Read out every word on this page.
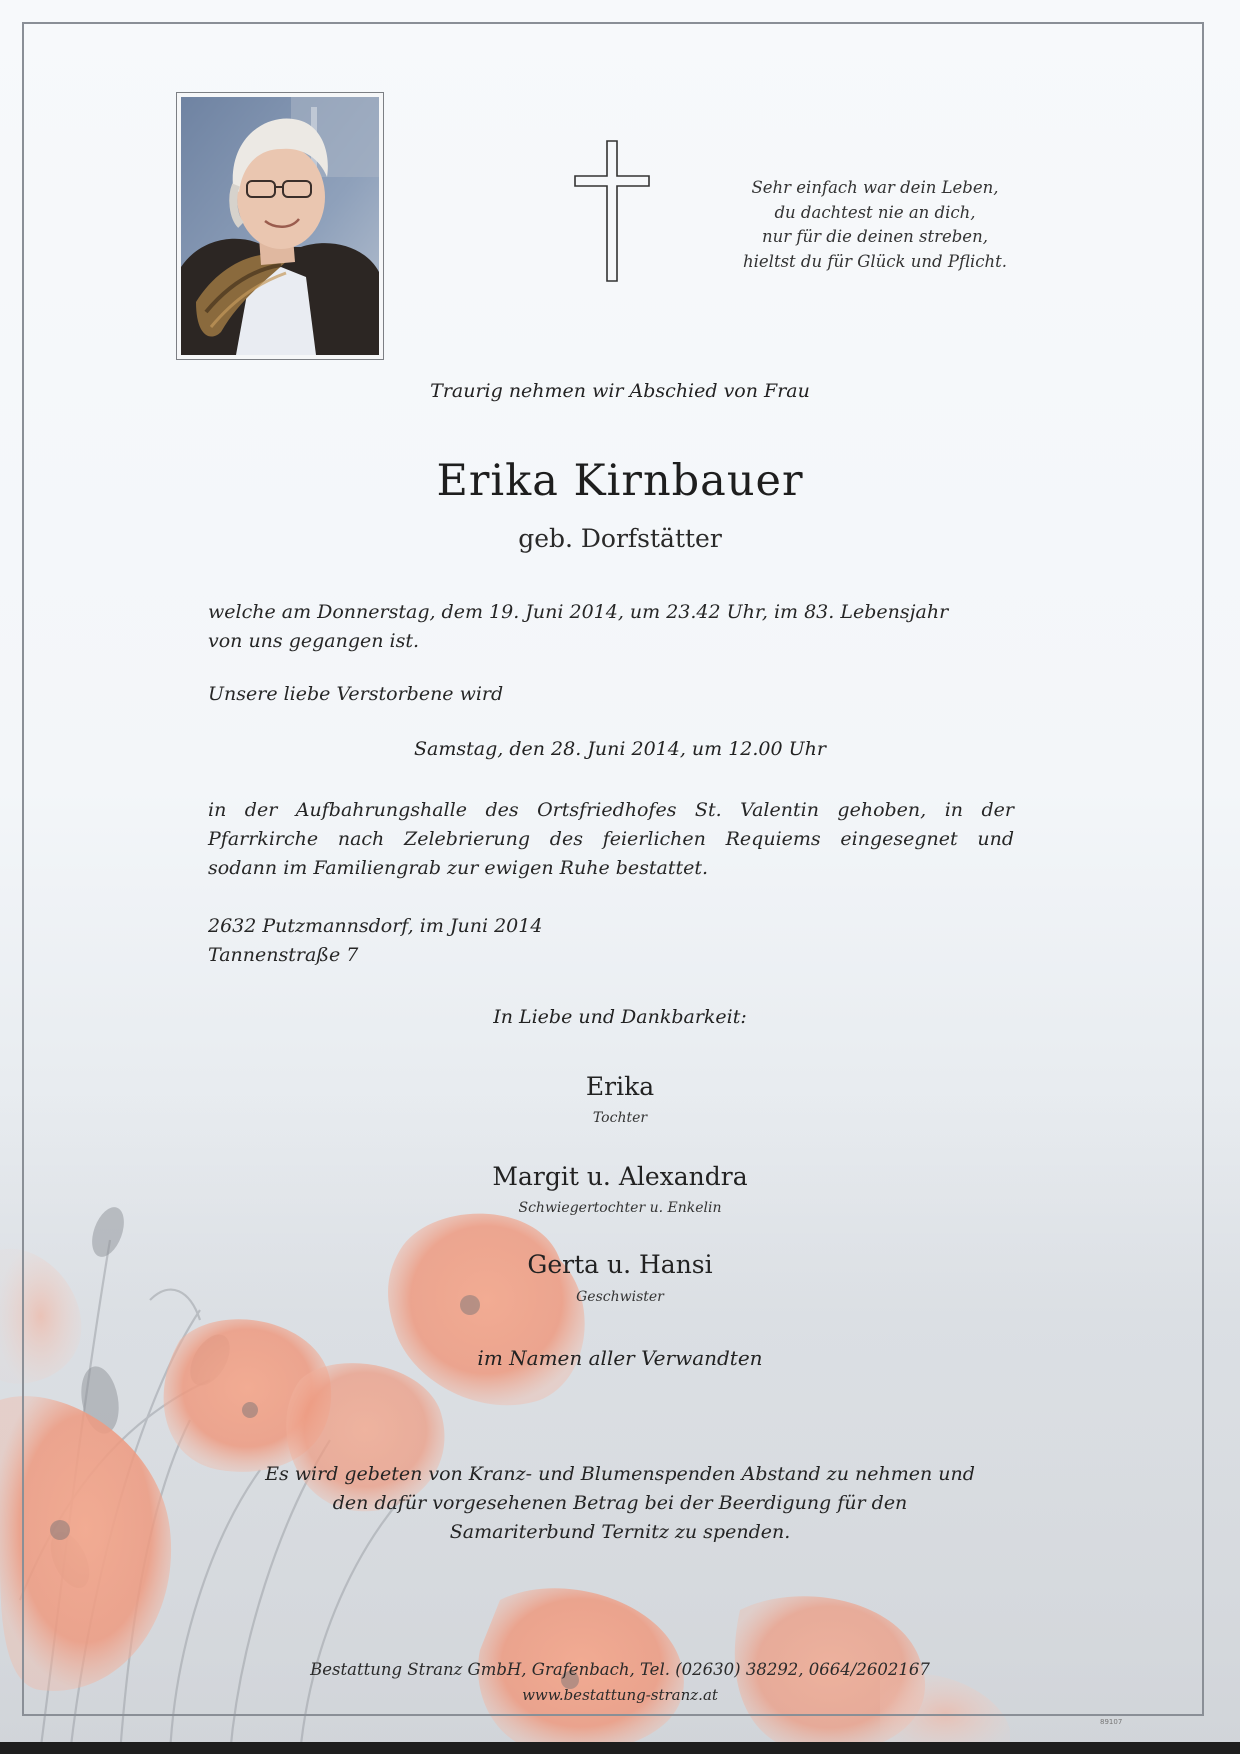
Sehr einfach war dein Leben,
du dachtest nie an dich,
nur für die deinen streben,
hieltst du für Glück und Pflicht.
Traurig nehmen wir Abschied von Frau
Erika Kirnbauer
geb. Dorfstätter
welche am Donnerstag, dem 19. Juni 2014, um 23.42 Uhr, im 83. Lebensjahr
von uns gegangen ist.
Unsere liebe Verstorbene wird
Samstag, den 28. Juni 2014, um 12.00 Uhr
in der Aufbahrungshalle des Ortsfriedhofes St. Valentin gehoben, in der
Pfarrkirche nach Zelebrierung des feierlichen Requiems eingesegnet und
sodann im Familiengrab zur ewigen Ruhe bestattet.
2632 Putzmannsdorf, im Juni 2014
Tannenstraße 7
In Liebe und Dankbarkeit:
Erika
Tochter
Margit u. Alexandra
Schwiegertochter u. Enkelin
Gerta u. Hansi
Geschwister
im Namen aller Verwandten
Es wird gebeten von Kranz- und Blumenspenden Abstand zu nehmen und
den dafür vorgesehenen Betrag bei der Beerdigung für den
Samariterbund Ternitz zu spenden.
Bestattung Stranz GmbH, Grafenbach, Tel. (02630) 38292, 0664/2602167
www.bestattung-stranz.at
89107
